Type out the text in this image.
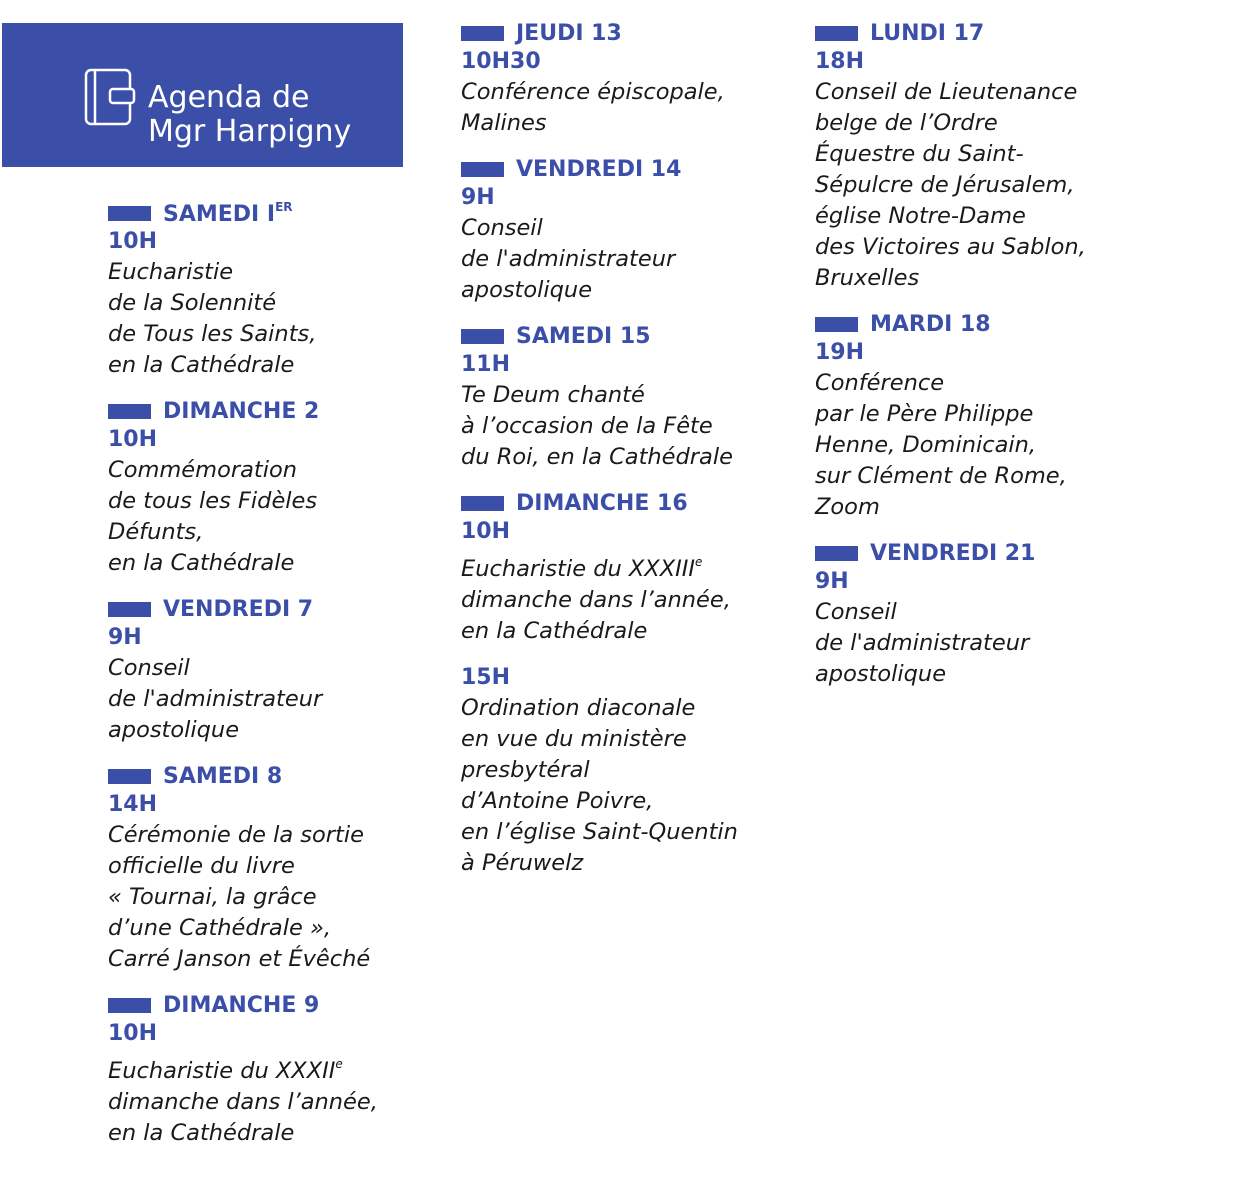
Agenda de
Mgr Harpigny
SAMEDI IER
10H
Eucharistie
de la Solennité
de Tous les Saints,
en la Cathédrale
DIMANCHE 2
10H
Commémoration
de tous les Fidèles
Défunts,
en la Cathédrale
VENDREDI 7
9H
Conseil
de l'administrateur
apostolique
SAMEDI 8
14H
Cérémonie de la sortie
officielle du livre
« Tournai, la grâce
d’une Cathédrale »,
Carré Janson et Évêché
DIMANCHE 9
10H
Eucharistie du XXXIIe
dimanche dans l’année,
en la Cathédrale
JEUDI 13
10H30
Conférence épiscopale,
Malines
VENDREDI 14
9H
Conseil
de l'administrateur
apostolique
SAMEDI 15
11H
Te Deum chanté
à l’occasion de la Fête
du Roi, en la Cathédrale
DIMANCHE 16
10H
Eucharistie du XXXIIIe
dimanche dans l’année,
en la Cathédrale
15H
Ordination diaconale
en vue du ministère
presbytéral
d’Antoine Poivre,
en l’église Saint-Quentin
à Péruwelz
LUNDI 17
18H
Conseil de Lieutenance
belge de l’Ordre
Équestre du Saint-
Sépulcre de Jérusalem,
église Notre-Dame
des Victoires au Sablon,
Bruxelles
MARDI 18
19H
Conférence
par le Père Philippe
Henne, Dominicain,
sur Clément de Rome,
Zoom
VENDREDI 21
9H
Conseil
de l'administrateur
apostolique
